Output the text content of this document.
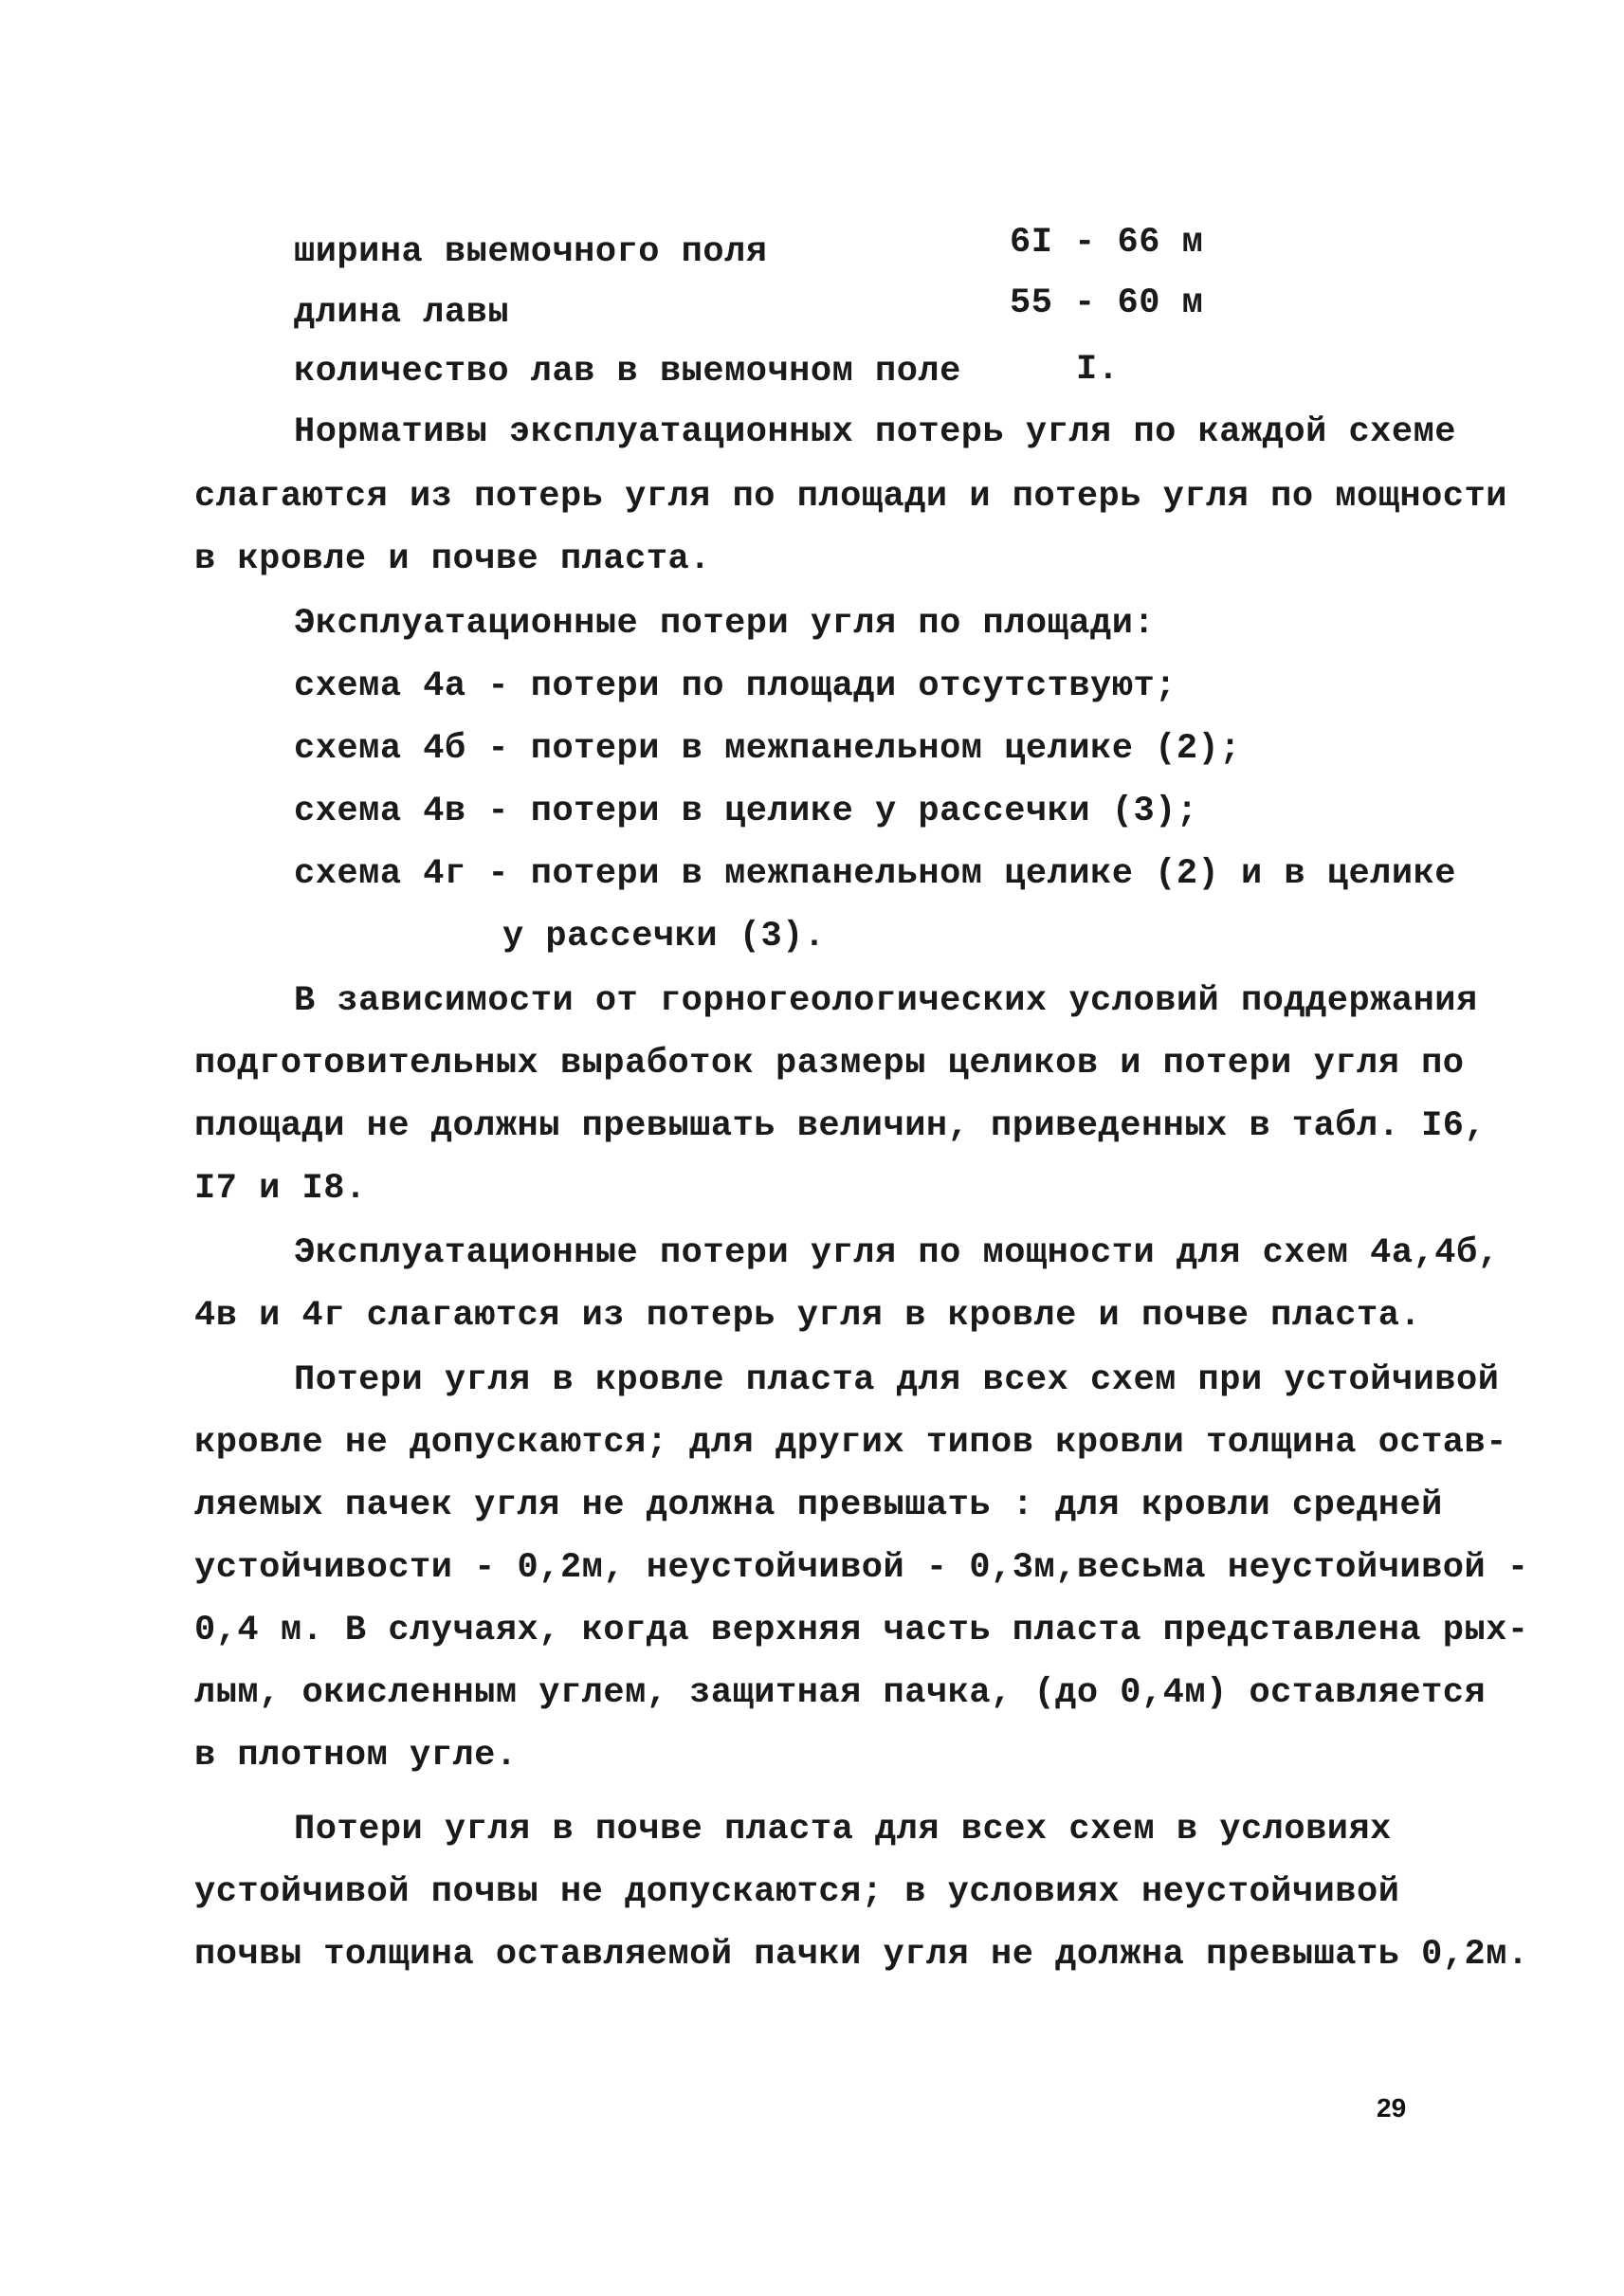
ширина выемочного поля	6I - 66 м
длина лавы	55 - 60 м
количество лав в выемочном поле	I.
Нормативы эксплуатационных потерь угля по каждой схеме
слагаются из потерь угля по площади и потерь угля по мощности
в кровле и почве пласта.
Эксплуатационные потери угля по площади:
схема 4а - потери по площади отсутствуют;
схема 4б - потери в межпанельном целике (2);
схема 4в - потери в целике у рассечки (3);
схема 4г - потери в межпанельном целике (2) и в целике
у рассечки (3).
В зависимости от горногеологических условий поддержания
подготовительных выработок размеры целиков и потери угля по
площади не должны превышать величин, приведенных в табл. I6,
I7 и I8.
Эксплуатационные потери угля по мощности для схем 4а,4б,
4в и 4г слагаются из потерь угля в кровле и почве пласта.
Потери угля в кровле пласта для всех схем при устойчивой
кровле не допускаются; для других типов кровли толщина остав-
ляемых пачек угля не должна превышать : для кровли средней
устойчивости - 0,2м, неустойчивой - 0,3м,весьма неустойчивой -
0,4 м. В случаях, когда верхняя часть пласта представлена рых-
лым, окисленным углем, защитная пачка, (до 0,4м) оставляется
в плотном угле.
Потери угля в почве пласта для всех схем в условиях
устойчивой почвы не допускаются; в условиях неустойчивой
почвы толщина оставляемой пачки угля не должна превышать 0,2м.
29
